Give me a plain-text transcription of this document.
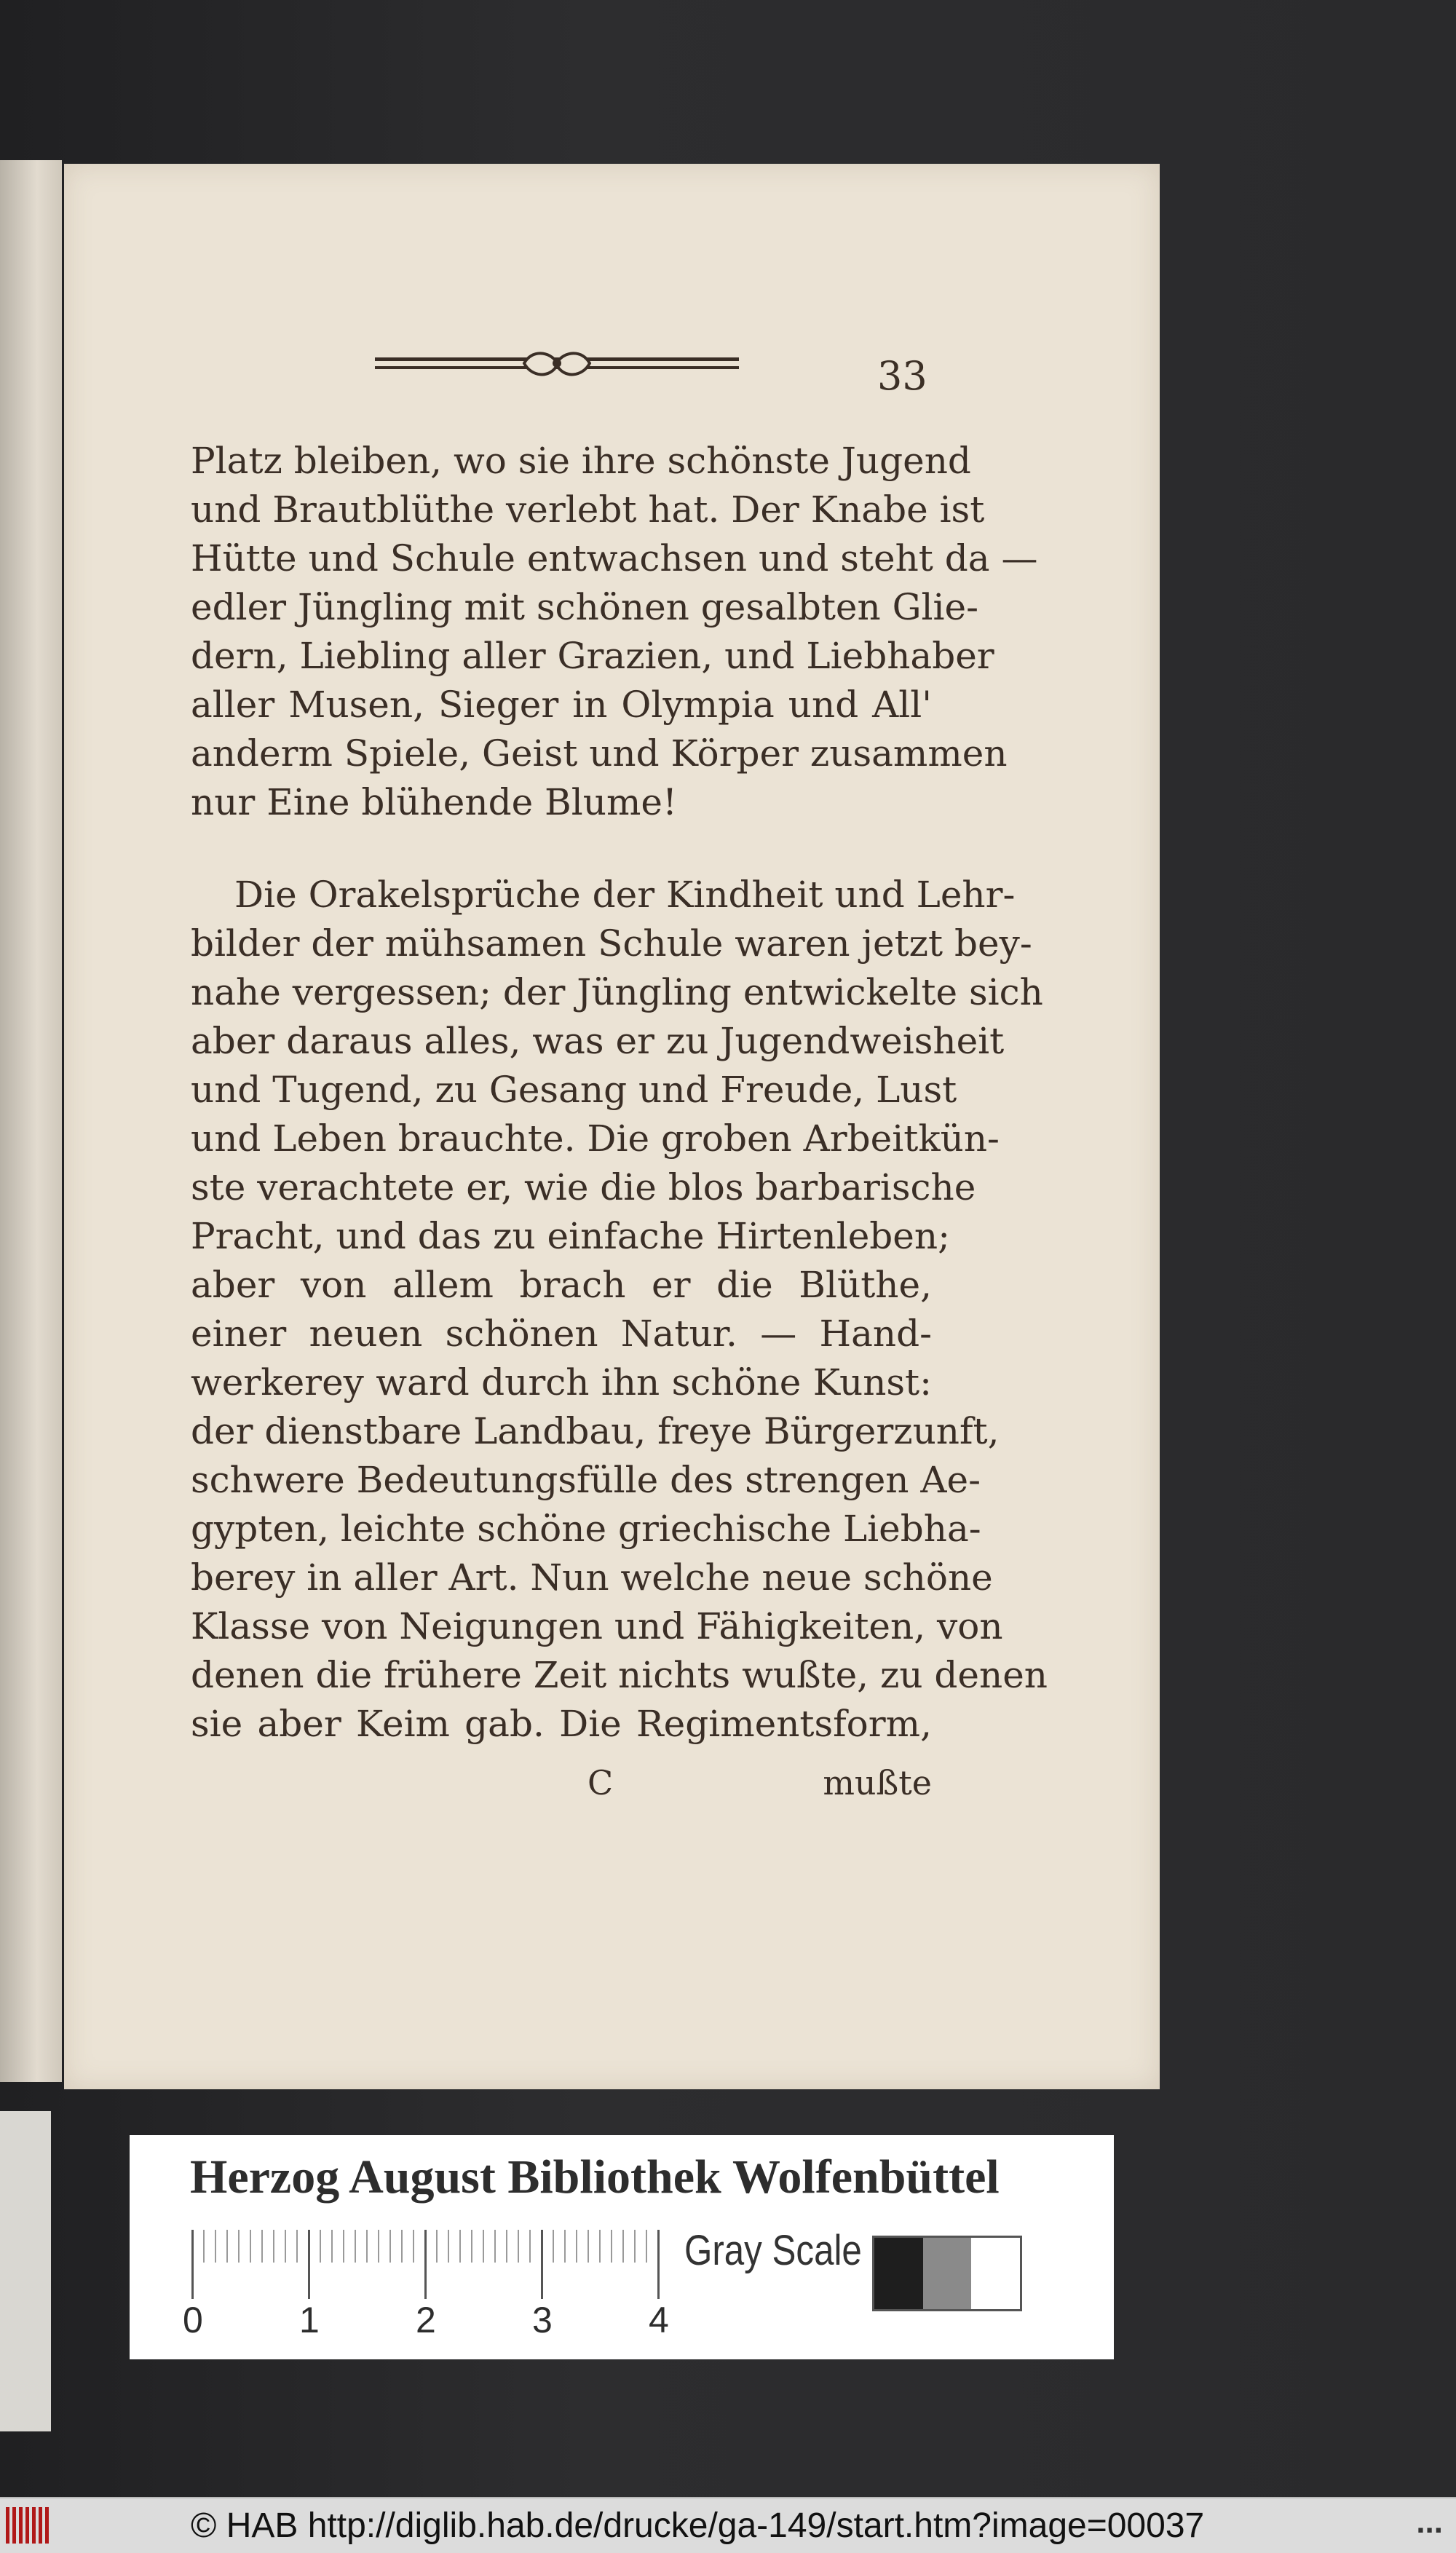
33
Platz bleiben, wo sie ihre schönste Jugend
und Brautblüthe verlebt hat. Der Knabe ist
Hütte und Schule entwachsen und steht da —
edler Jüngling mit schönen gesalbten Glie-
dern, Liebling aller Grazien, und Liebhaber
aller Musen, Sieger in Olympia und All'
anderm Spiele, Geist und Körper zusammen
nur Eine blühende Blume!
Die Orakelsprüche der Kindheit und Lehr-
bilder der mühsamen Schule waren jetzt bey-
nahe vergessen; der Jüngling entwickelte sich
aber daraus alles, was er zu Jugendweisheit
und Tugend, zu Gesang und Freude, Lust
und Leben brauchte. Die groben Arbeitkün-
ste verachtete er, wie die blos barbarische
Pracht, und das zu einfache Hirtenleben;
aber von allem brach er die Blüthe,
einer neuen schönen Natur. — Hand-
werkerey ward durch ihn schöne Kunst:
der dienstbare Landbau, freye Bürgerzunft,
schwere Bedeutungsfülle des strengen Ae-
gypten, leichte schöne griechische Liebha-
berey in aller Art. Nun welche neue schöne
Klasse von Neigungen und Fähigkeiten, von
denen die frühere Zeit nichts wußte, zu denen
sie aber Keim gab. Die Regimentsform,
C	mußte
Herzog August Bibliothek Wolfenbüttel
0	1	2	3	4
Gray Scale
© HAB http://diglib.hab.de/drucke/ga-149/start.htm?image=00037	...
